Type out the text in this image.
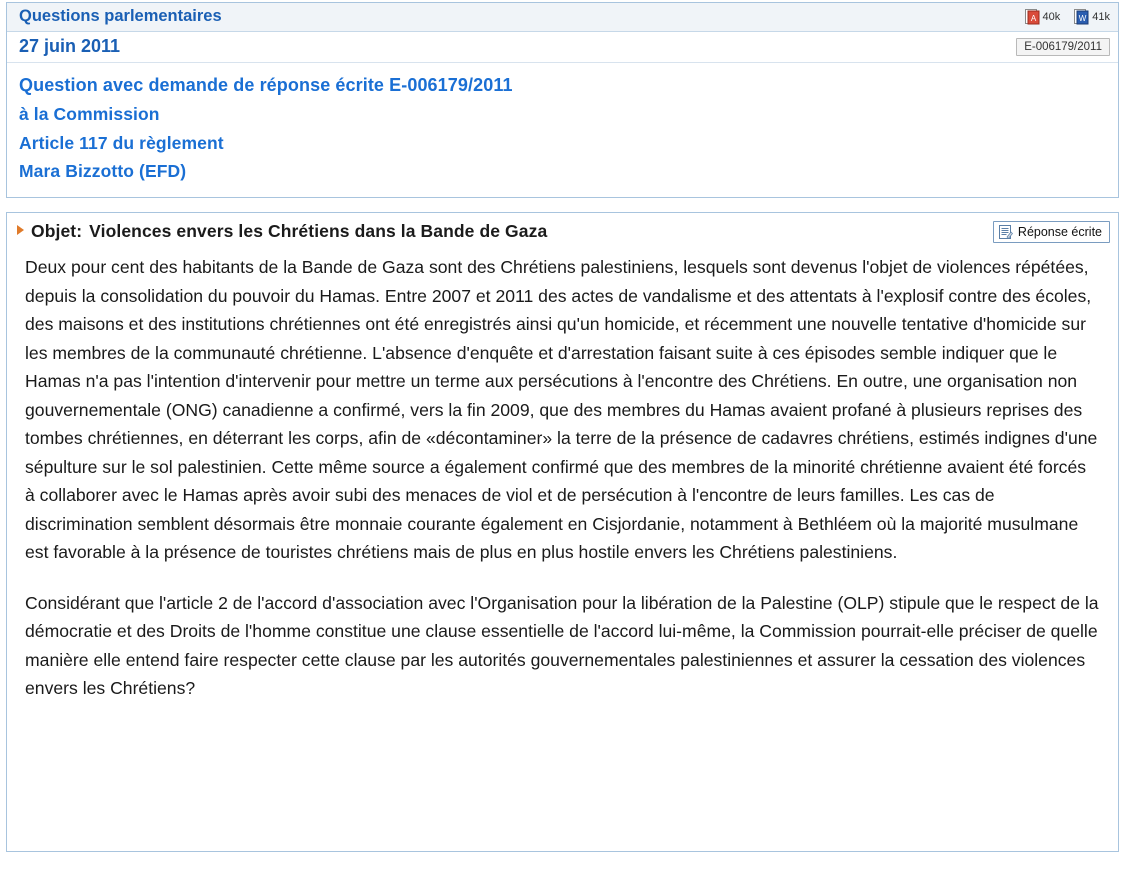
Questions parlementaires	A 40k W 41k
27 juin 2011	E-006179/2011
Question avec demande de réponse écrite E-006179/2011
à la Commission
Article 117 du règlement
Mara Bizzotto (EFD)
Objet: Violences envers les Chrétiens dans la Bande de Gaza	Réponse écrite

Deux pour cent des habitants de la Bande de Gaza sont des Chrétiens palestiniens, lesquels sont devenus l'objet de violences répétées, depuis la consolidation du pouvoir du Hamas. Entre 2007 et 2011 des actes de vandalisme et des attentats à l'explosif contre des écoles, des maisons et des institutions chrétiennes ont été enregistrés ainsi qu'un homicide, et récemment une nouvelle tentative d'homicide sur les membres de la communauté chrétienne. L'absence d'enquête et d'arrestation faisant suite à ces épisodes semble indiquer que le Hamas n'a pas l'intention d'intervenir pour mettre un terme aux persécutions à l'encontre des Chrétiens. En outre, une organisation non gouvernementale (ONG) canadienne a confirmé, vers la fin 2009, que des membres du Hamas avaient profané à plusieurs reprises des tombes chrétiennes, en déterrant les corps, afin de «décontaminer» la terre de la présence de cadavres chrétiens, estimés indignes d'une sépulture sur le sol palestinien. Cette même source a également confirmé que des membres de la minorité chrétienne avaient été forcés à collaborer avec le Hamas après avoir subi des menaces de viol et de persécution à l'encontre de leurs familles. Les cas de discrimination semblent désormais être monnaie courante également en Cisjordanie, notamment à Bethléem où la majorité musulmane est favorable à la présence de touristes chrétiens mais de plus en plus hostile envers les Chrétiens palestiniens.

Considérant que l'article 2 de l'accord d'association avec l'Organisation pour la libération de la Palestine (OLP) stipule que le respect de la démocratie et des Droits de l'homme constitue une clause essentielle de l'accord lui-même, la Commission pourrait-elle préciser de quelle manière elle entend faire respecter cette clause par les autorités gouvernementales palestiniennes et assurer la cessation des violences envers les Chrétiens?
